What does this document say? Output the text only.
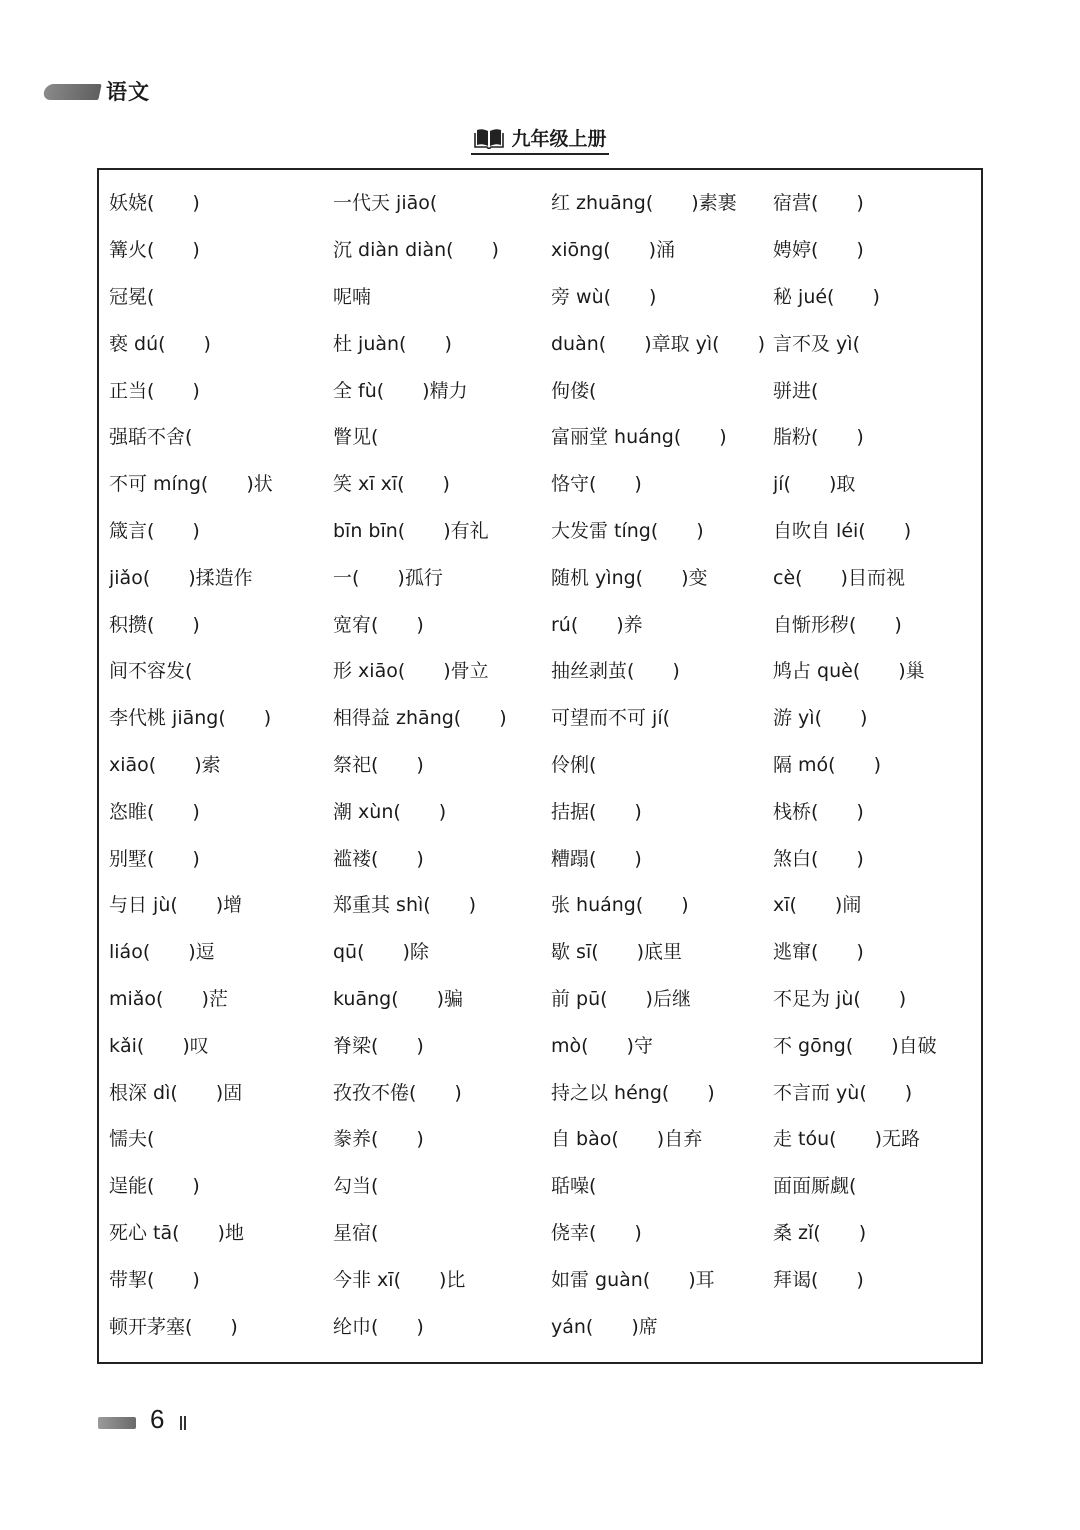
语文
九年级上册
妖娆(　　)	一代天 jiāo(	红 zhuāng(　　)素裹	宿营(　　)
篝火(　　)	沉 diàn diàn(　　)	xiōng(　　)涌	娉婷(　　)
冠冕(	呢喃	旁 wù(　　)	秘 jué(　　)
亵 dú(　　)	杜 juàn(　　)	duàn(　　)章取 yì(　　) 言不及 yì(
正当(　　)	全 fù(　　)精力	佝偻(	骈进(
强聒不舍(	瞥见(	富丽堂 huáng(　　)	脂粉(　　)
不可 míng(　　)状	笑 xī xī(　　)	恪守(　　)	jí(　　)取
箴言(　　)	bīn bīn(　　)有礼	大发雷 tíng(　　)	自吹自 léi(　　)
jiǎo(　　)揉造作	一(　　)孤行	随机 yìng(　　)变	cè(　　)目而视
积攒(　　)	宽宥(　　)	rú(　　)养	自惭形秽(　　)
间不容发(	形 xiāo(　　)骨立	抽丝剥茧(　　)	鸠占 què(　　)巢
李代桃 jiāng(　　)	相得益 zhāng(　　)	可望而不可 jí(	游 yì(　　)
xiāo(　　)索	祭祀(　　)	伶俐(	隔 mó(　　)
恣睢(　　)	潮 xùn(　　)	拮据(　　)	栈桥(　　)
别墅(　　)	褴褛(　　)	糟蹋(　　)	煞白(　　)
与日 jù(　　)增	郑重其 shì(　　)	张 huáng(　　)	xī(　　)闹
liáo(　　)逗	qū(　　)除	歇 sī(　　)底里	逃窜(　　)
miǎo(　　)茫	kuāng(　　)骗	前 pū(　　)后继	不足为 jù(　　)
kǎi(　　)叹	脊梁(　　)	mò(　　)守	不 gōng(　　)自破
根深 dì(　　)固	孜孜不倦(　　)	持之以 héng(　　)	不言而 yù(　　)
懦夫(	豢养(　　)	自 bào(　　)自弃	走 tóu(　　)无路
逞能(　　)	勾当(	聒噪(	面面厮觑(
死心 tā(　　)地	星宿(	侥幸(　　)	桑 zǐ(　　)
带挈(　　)	今非 xī(　　)比	如雷 guàn(　　)耳	拜谒(　　)
顿开茅塞(　　)	纶巾(　　)	yán(　　)席
6
